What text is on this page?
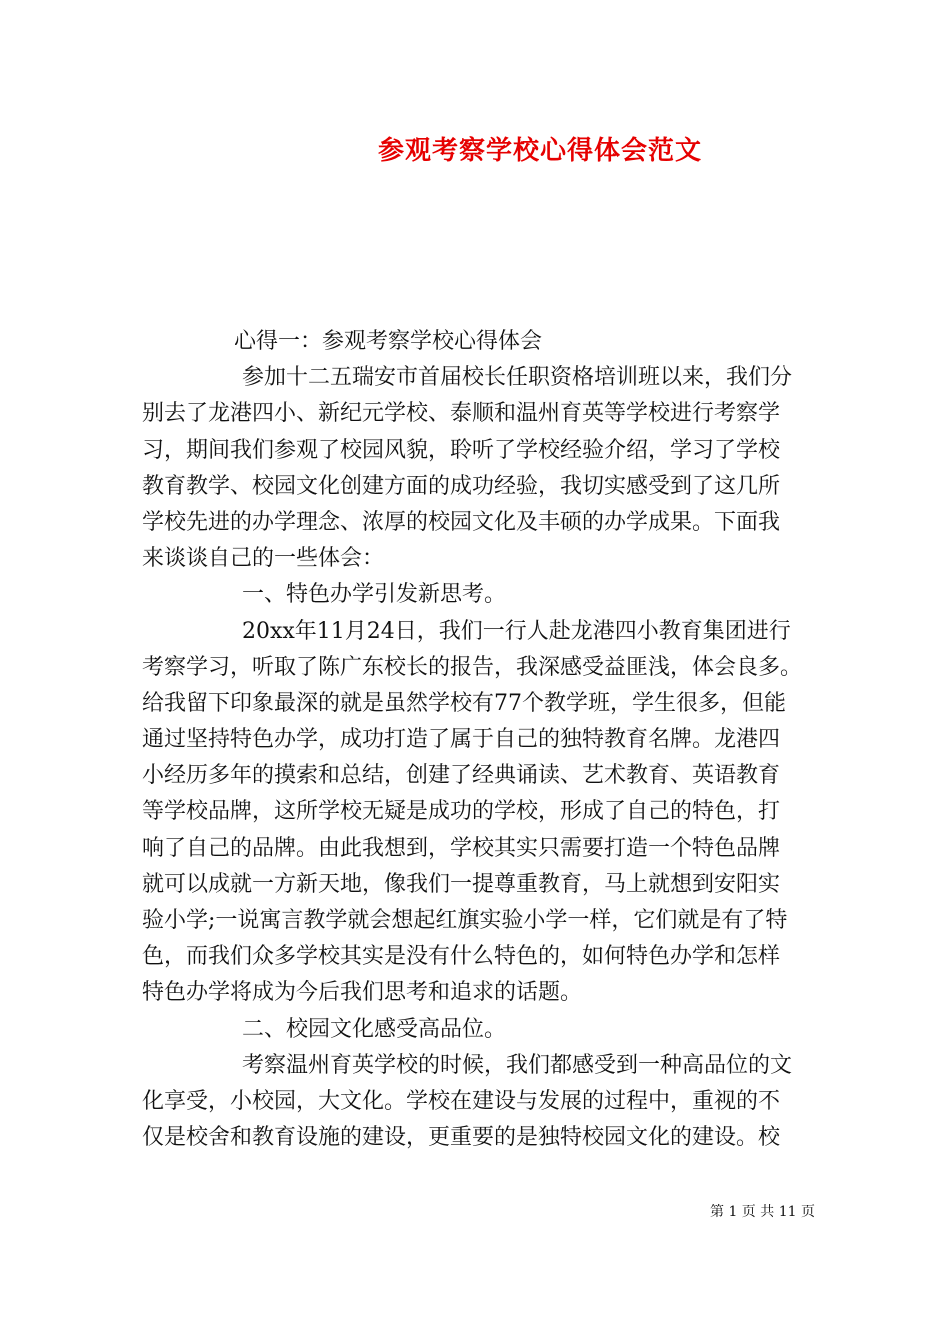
参观考察学校心得体会范文
心得一：参观考察学校心得体会
参加十二五瑞安市首届校长任职资格培训班以来，我们分
别去了龙港四小、新纪元学校、泰顺和温州育英等学校进行考察学
习，期间我们参观了校园风貌，聆听了学校经验介绍，学习了学校
教育教学、校园文化创建方面的成功经验，我切实感受到了这几所
学校先进的办学理念、浓厚的校园文化及丰硕的办学成果。下面我
来谈谈自己的一些体会：
一、特色办学引发新思考。
20xx年11月24日，我们一行人赴龙港四小教育集团进行
考察学习，听取了陈广东校长的报告，我深感受益匪浅，体会良多。
给我留下印象最深的就是虽然学校有77个教学班，学生很多，但能
通过坚持特色办学，成功打造了属于自己的独特教育名牌。龙港四
小经历多年的摸索和总结，创建了经典诵读、艺术教育、英语教育
等学校品牌，这所学校无疑是成功的学校，形成了自己的特色，打
响了自己的品牌。由此我想到，学校其实只需要打造一个特色品牌
就可以成就一方新天地，像我们一提尊重教育，马上就想到安阳实
验小学;一说寓言教学就会想起红旗实验小学一样，它们就是有了特
色，而我们众多学校其实是没有什么特色的，如何特色办学和怎样
特色办学将成为今后我们思考和追求的话题。
二、校园文化感受高品位。
考察温州育英学校的时候，我们都感受到一种高品位的文
化享受，小校园，大文化。学校在建设与发展的过程中，重视的不
仅是校舍和教育设施的建设，更重要的是独特校园文化的建设。校
第 1 页 共 11 页
